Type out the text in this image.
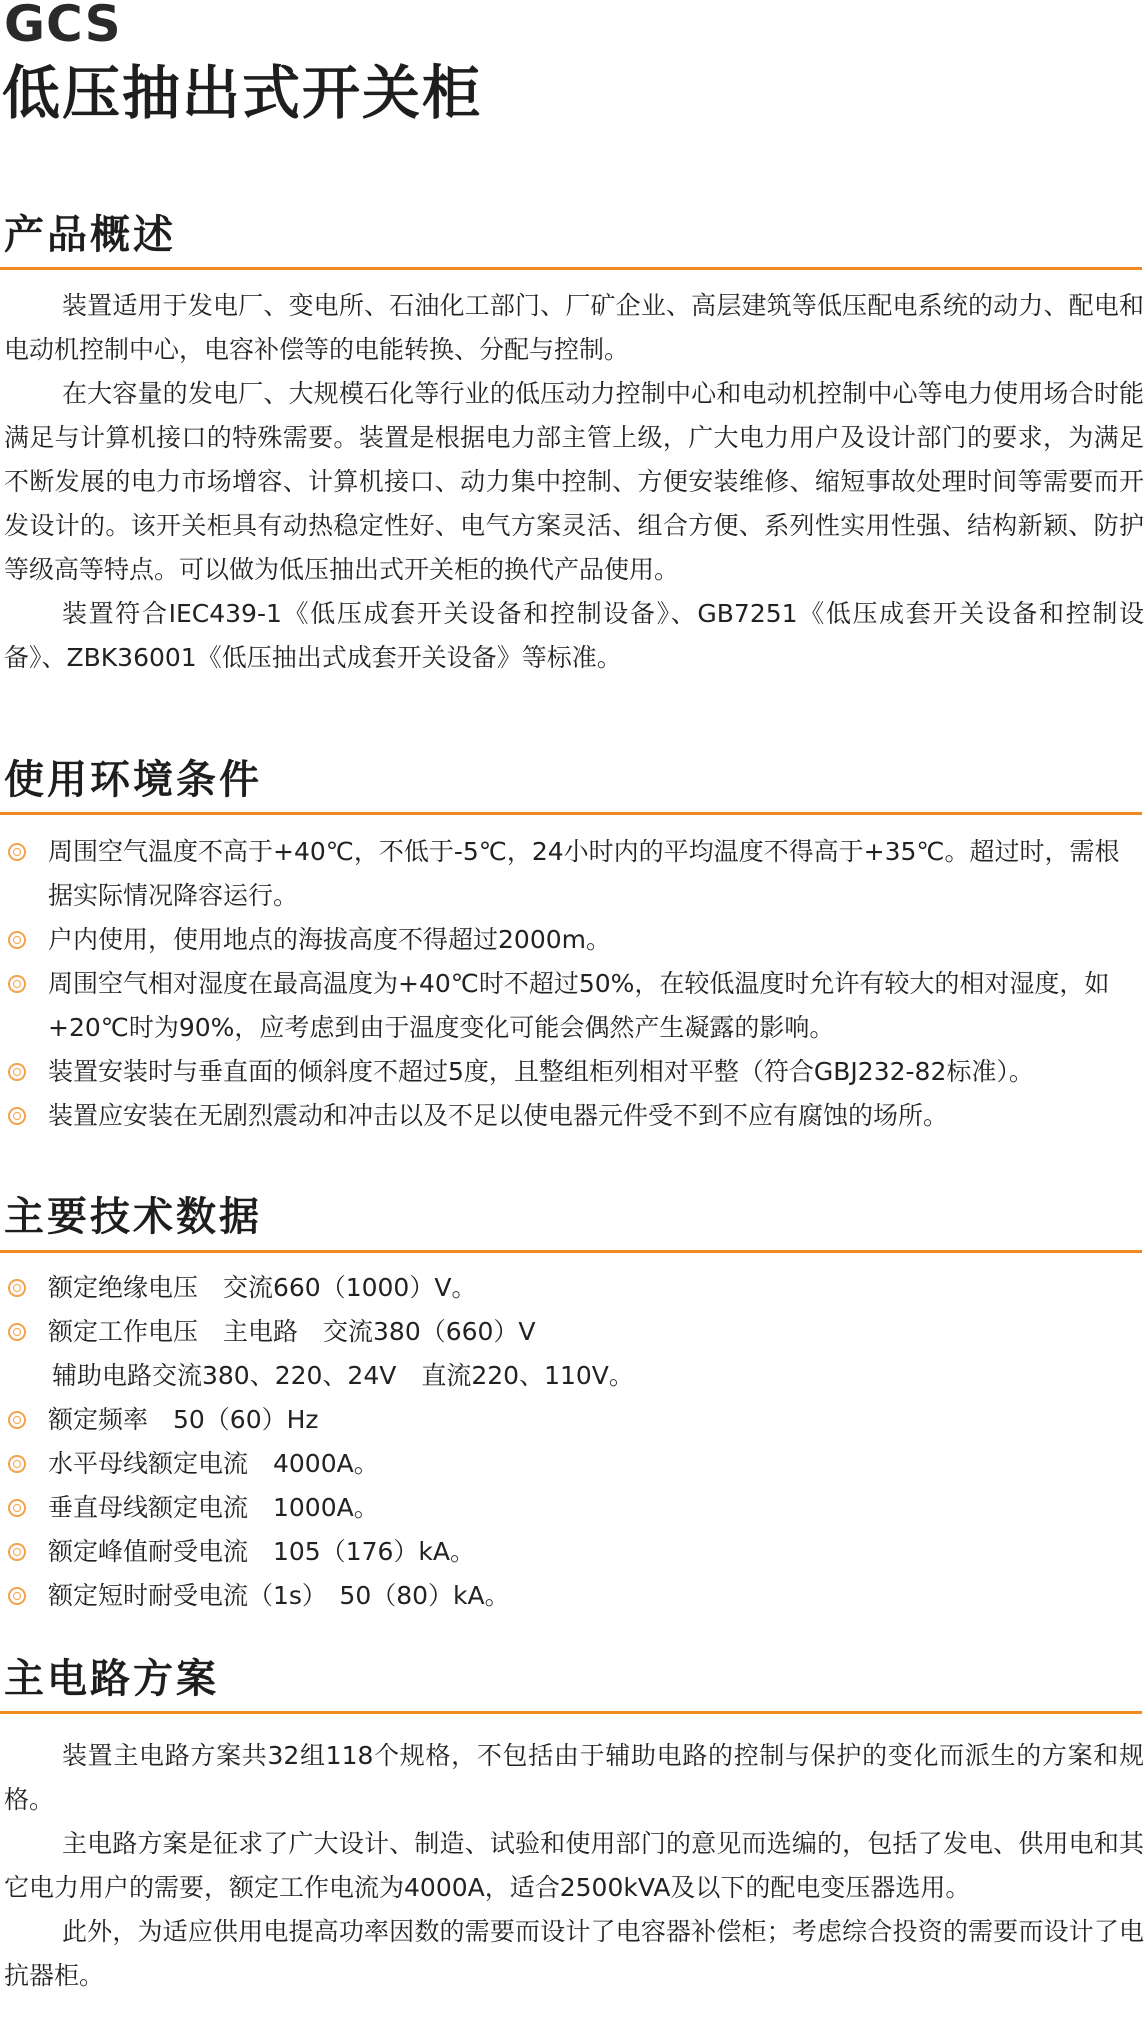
GCS
低压抽出式开关柜
产品概述
装置适用于发电厂、变电所、石油化工部门、厂矿企业、高层建筑等低压配电系统的动力、配电和电动机控制中心，电容补偿等的电能转换、分配与控制。
在大容量的发电厂、大规模石化等行业的低压动力控制中心和电动机控制中心等电力使用场合时能满足与计算机接口的特殊需要。装置是根据电力部主管上级，广大电力用户及设计部门的要求，为满足不断发展的电力市场增容、计算机接口、动力集中控制、方便安装维修、缩短事故处理时间等需要而开发设计的。该开关柜具有动热稳定性好、电气方案灵活、组合方便、系列性实用性强、结构新颖、防护等级高等特点。可以做为低压抽出式开关柜的换代产品使用。
装置符合IEC439-1《低压成套开关设备和控制设备》、GB7251《低压成套开关设备和控制设备》、ZBK36001《低压抽出式成套开关设备》等标准。
使用环境条件
周围空气温度不高于+40℃，不低于-5℃，24小时内的平均温度不得高于+35℃。超过时，需根据实际情况降容运行。
户内使用，使用地点的海拔高度不得超过2000m。
周围空气相对湿度在最高温度为+40℃时不超过50%，在较低温度时允许有较大的相对湿度，如+20℃时为90%，应考虑到由于温度变化可能会偶然产生凝露的影响。
装置安装时与垂直面的倾斜度不超过5度，且整组柜列相对平整（符合GBJ232-82标准）。
装置应安装在无剧烈震动和冲击以及不足以使电器元件受不到不应有腐蚀的场所。
主要技术数据
额定绝缘电压　交流660（1000）V。
额定工作电压　主电路　交流380（660）V
辅助电路交流380、220、24V　直流220、110V。
额定频率　50（60）Hz
水平母线额定电流　4000A。
垂直母线额定电流　1000A。
额定峰值耐受电流　105（176）kA。
额定短时耐受电流（1s）　50（80）kA。
主电路方案
装置主电路方案共32组118个规格，不包括由于辅助电路的控制与保护的变化而派生的方案和规格。
主电路方案是征求了广大设计、制造、试验和使用部门的意见而选编的，包括了发电、供用电和其它电力用户的需要，额定工作电流为4000A，适合2500kVA及以下的配电变压器选用。
此外，为适应供用电提高功率因数的需要而设计了电容器补偿柜；考虑综合投资的需要而设计了电抗器柜。
